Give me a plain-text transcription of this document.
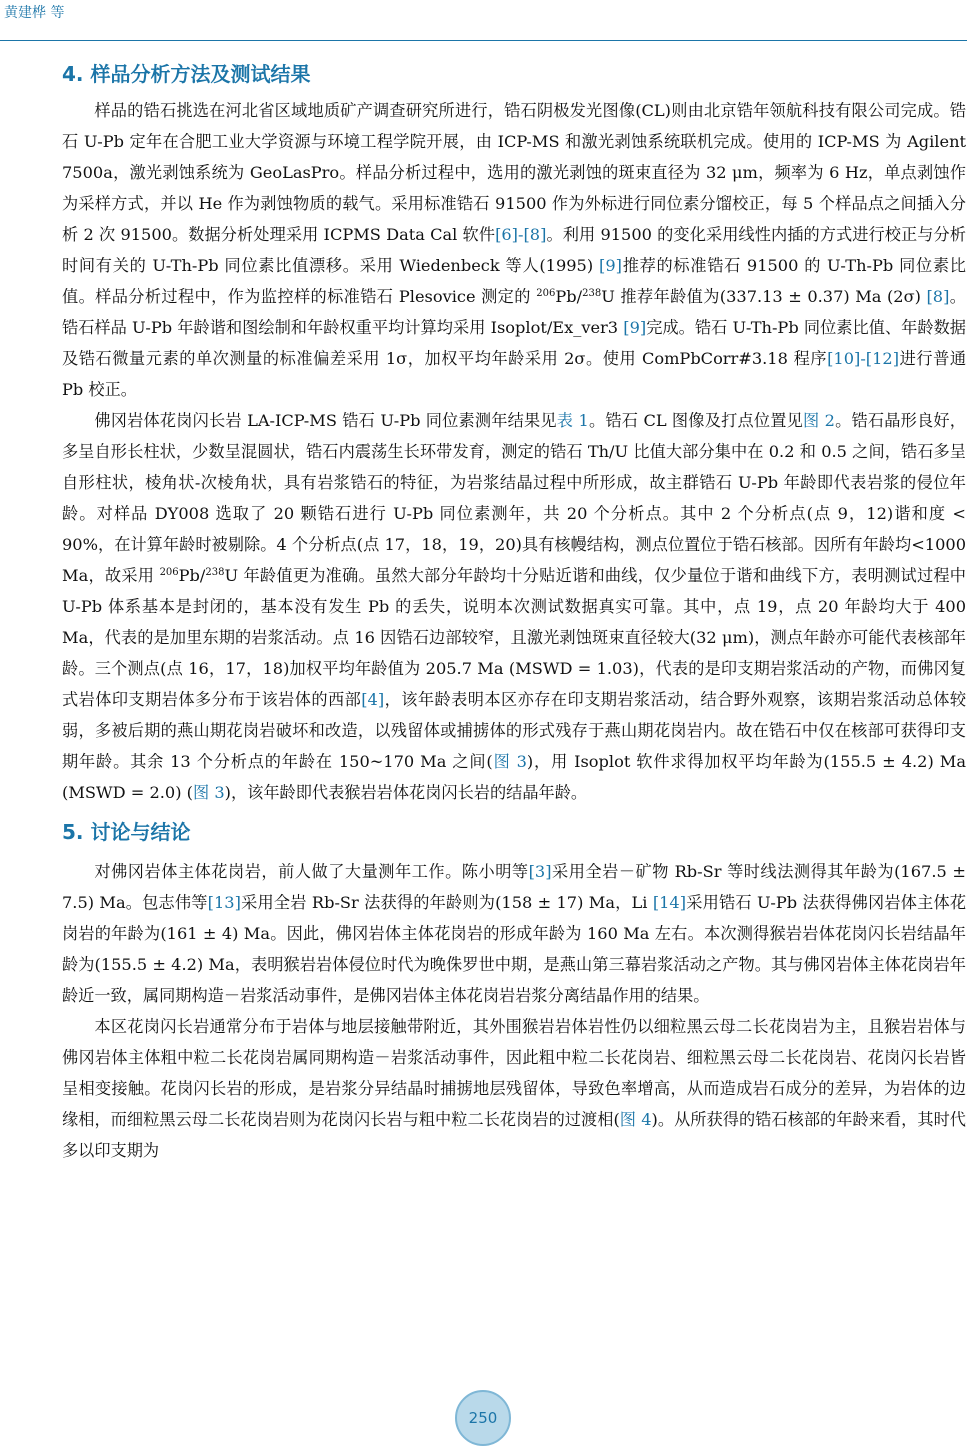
黄建桦 等
4. 样品分析方法及测试结果

样品的锆石挑选在河北省区域地质矿产调查研究所进行，锆石阴极发光图像(CL)则由北京锆年领航科技有限公司完成。锆石 U-Pb 定年在合肥工业大学资源与环境工程学院开展，由 ICP-MS 和激光剥蚀系统联机完成。使用的 ICP-MS 为 Agilent 7500a，激光剥蚀系统为 GeoLasPro。样品分析过程中，选用的激光剥蚀的斑束直径为 32 μm，频率为 6 Hz，单点剥蚀作为采样方式，并以 He 作为剥蚀物质的载气。采用标准锆石 91500 作为外标进行同位素分馏校正，每 5 个样品点之间插入分析 2 次 91500。数据分析处理采用 ICPMS Data Cal 软件[6]-[8]。利用 91500 的变化采用线性内插的方式进行校正与分析时间有关的 U-Th-Pb 同位素比值漂移。采用 Wiedenbeck 等人(1995) [9]推荐的标准锆石 91500 的 U-Th-Pb 同位素比值。样品分析过程中，作为监控样的标准锆石 Plesovice 测定的 $^{206}$Pb/$^{238}$U 推荐年龄值为(337.13 ± 0.37) Ma (2σ) [8]。锆石样品 U-Pb 年龄谐和图绘制和年龄权重平均计算均采用 Isoplot/Ex_ver3 [9]完成。锆石 U-Th-Pb 同位素比值、年龄数据及锆石微量元素的单次测量的标准偏差采用 1σ，加权平均年龄采用 2σ。使用 ComPbCorr#3.18 程序[10]-[12]进行普通 Pb 校正。

佛冈岩体花岗闪长岩 LA-ICP-MS 锆石 U-Pb 同位素测年结果见表 1。锆石 CL 图像及打点位置见图 2。锆石晶形良好，多呈自形长柱状，少数呈混圆状，锆石内震荡生长环带发育，测定的锆石 Th/U 比值大部分集中在 0.2 和 0.5 之间，锆石多呈自形柱状，棱角状-次棱角状，具有岩浆锆石的特征，为岩浆结晶过程中所形成，故主群锆石 U-Pb 年龄即代表岩浆的侵位年龄。对样品 DY008 选取了 20 颗锆石进行 U-Pb 同位素测年，共 20 个分析点。其中 2 个分析点(点 9，12)谐和度 < 90%，在计算年龄时被剔除。4 个分析点(点 17，18，19，20)具有核幔结构，测点位置位于锆石核部。因所有年龄均<1000 Ma，故采用 $^{206}$Pb/$^{238}$U 年龄值更为准确。虽然大部分年龄均十分贴近谐和曲线，仅少量位于谐和曲线下方，表明测试过程中 U-Pb 体系基本是封闭的，基本没有发生 Pb 的丢失，说明本次测试数据真实可靠。其中，点 19，点 20 年龄均大于 400 Ma，代表的是加里东期的岩浆活动。点 16 因锆石边部较窄，且激光剥蚀斑束直径较大(32 μm)，测点年龄亦可能代表核部年龄。三个测点(点 16，17，18)加权平均年龄值为 205.7 Ma (MSWD = 1.03)，代表的是印支期岩浆活动的产物，而佛冈复式岩体印支期岩体多分布于该岩体的西部[4]，该年龄表明本区亦存在印支期岩浆活动，结合野外观察，该期岩浆活动总体较弱，多被后期的燕山期花岗岩破坏和改造，以残留体或捕掳体的形式残存于燕山期花岗岩内。故在锆石中仅在核部可获得印支期年龄。其余 13 个分析点的年龄在 150~170 Ma 之间(图 3)，用 Isoplot 软件求得加权平均年龄为(155.5 ± 4.2) Ma (MSWD = 2.0) (图 3)，该年龄即代表猴岩岩体花岗闪长岩的结晶年龄。

5. 讨论与结论

对佛冈岩体主体花岗岩，前人做了大量测年工作。陈小明等[3]采用全岩－矿物 Rb-Sr 等时线法测得其年龄为(167.5 ± 7.5) Ma。包志伟等[13]采用全岩 Rb-Sr 法获得的年龄则为(158 ± 17) Ma，Li [14]采用锆石 U-Pb 法获得佛冈岩体主体花岗岩的年龄为(161 ± 4) Ma。因此，佛冈岩体主体花岗岩的形成年龄为 160 Ma 左右。本次测得猴岩岩体花岗闪长岩结晶年龄为(155.5 ± 4.2) Ma，表明猴岩岩体侵位时代为晚侏罗世中期，是燕山第三幕岩浆活动之产物。其与佛冈岩体主体花岗岩年龄近一致，属同期构造－岩浆活动事件，是佛冈岩体主体花岗岩岩浆分离结晶作用的结果。

本区花岗闪长岩通常分布于岩体与地层接触带附近，其外围猴岩岩体岩性仍以细粒黑云母二长花岗岩为主，且猴岩岩体与佛冈岩体主体粗中粒二长花岗岩属同期构造－岩浆活动事件，因此粗中粒二长花岗岩、细粒黑云母二长花岗岩、花岗闪长岩皆呈相变接触。花岗闪长岩的形成，是岩浆分异结晶时捕掳地层残留体，导致色率增高，从而造成岩石成分的差异，为岩体的边缘相，而细粒黑云母二长花岗岩则为花岗闪长岩与粗中粒二长花岗岩的过渡相(图 4)。从所获得的锆石核部的年龄来看，其时代多以印支期为

250
